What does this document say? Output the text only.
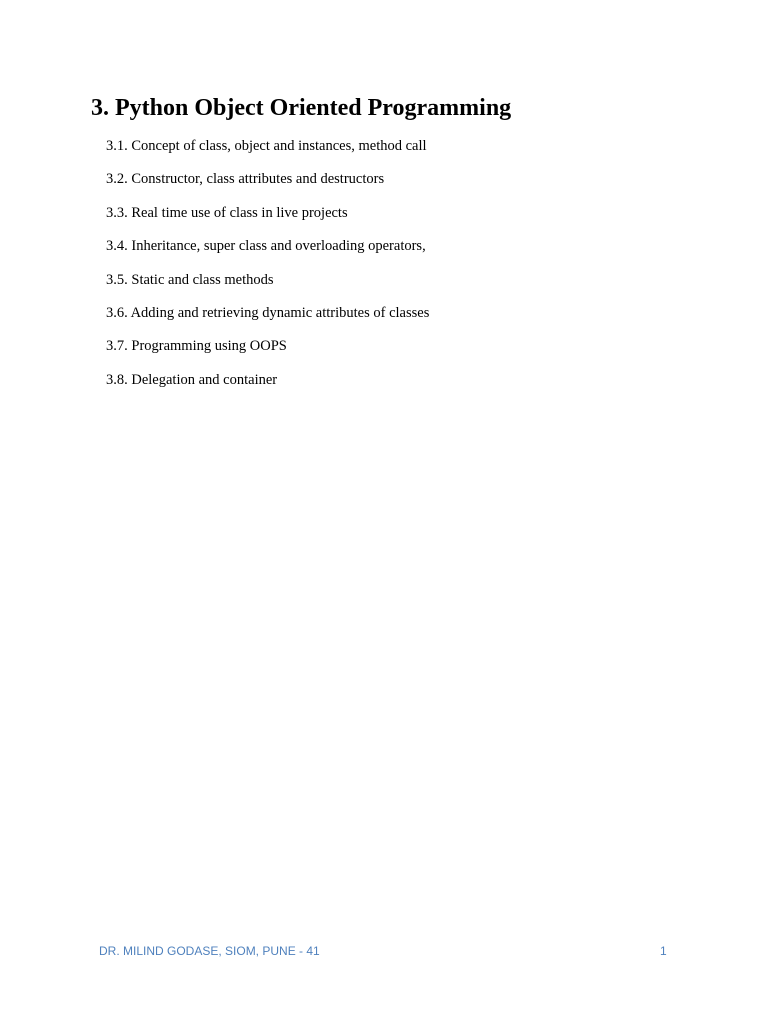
3. Python Object Oriented Programming
3.1. Concept of class, object and instances, method call
3.2. Constructor, class attributes and destructors
3.3. Real time use of class in live projects
3.4. Inheritance, super class and overloading operators,
3.5. Static and class methods
3.6. Adding and retrieving dynamic attributes of classes
3.7. Programming using OOPS
3.8. Delegation and container
DR. MILIND GODASE, SIOM, PUNE - 41	1
